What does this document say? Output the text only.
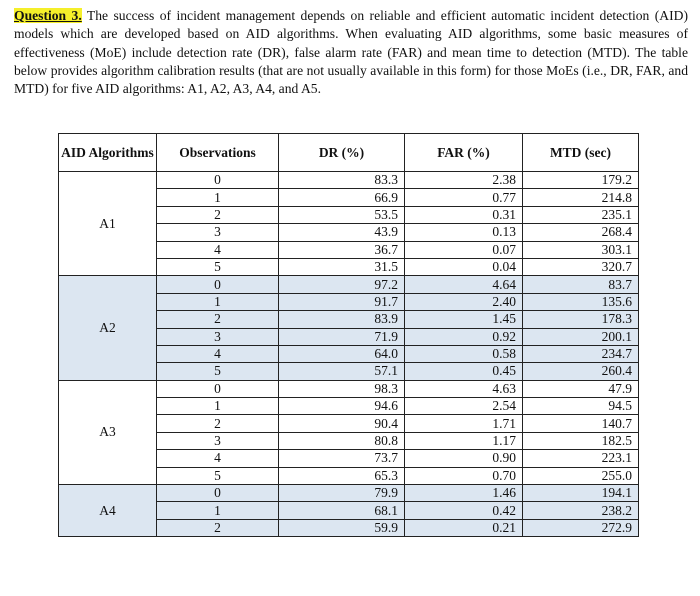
Question 3. The success of incident management depends on reliable and efficient automatic incident detection (AID) models which are developed based on AID algorithms. When evaluating AID algorithms, some basic measures of effectiveness (MoE) include detection rate (DR), false alarm rate (FAR) and mean time to detection (MTD). The table below provides algorithm calibration results (that are not usually available in this form) for those MoEs (i.e., DR, FAR, and MTD) for five AID algorithms: A1, A2, A3, A4, and A5.
AID Algorithms	Observations	DR (%)	FAR (%)	MTD (sec)
A1	0	83.3	2.38	179.2
	1	66.9	0.77	214.8
	2	53.5	0.31	235.1
	3	43.9	0.13	268.4
	4	36.7	0.07	303.1
	5	31.5	0.04	320.7
A2	0	97.2	4.64	83.7
	1	91.7	2.40	135.6
	2	83.9	1.45	178.3
	3	71.9	0.92	200.1
	4	64.0	0.58	234.7
	5	57.1	0.45	260.4
A3	0	98.3	4.63	47.9
	1	94.6	2.54	94.5
	2	90.4	1.71	140.7
	3	80.8	1.17	182.5
	4	73.7	0.90	223.1
	5	65.3	0.70	255.0
A4	0	79.9	1.46	194.1
	1	68.1	0.42	238.2
	2	59.9	0.21	272.9
